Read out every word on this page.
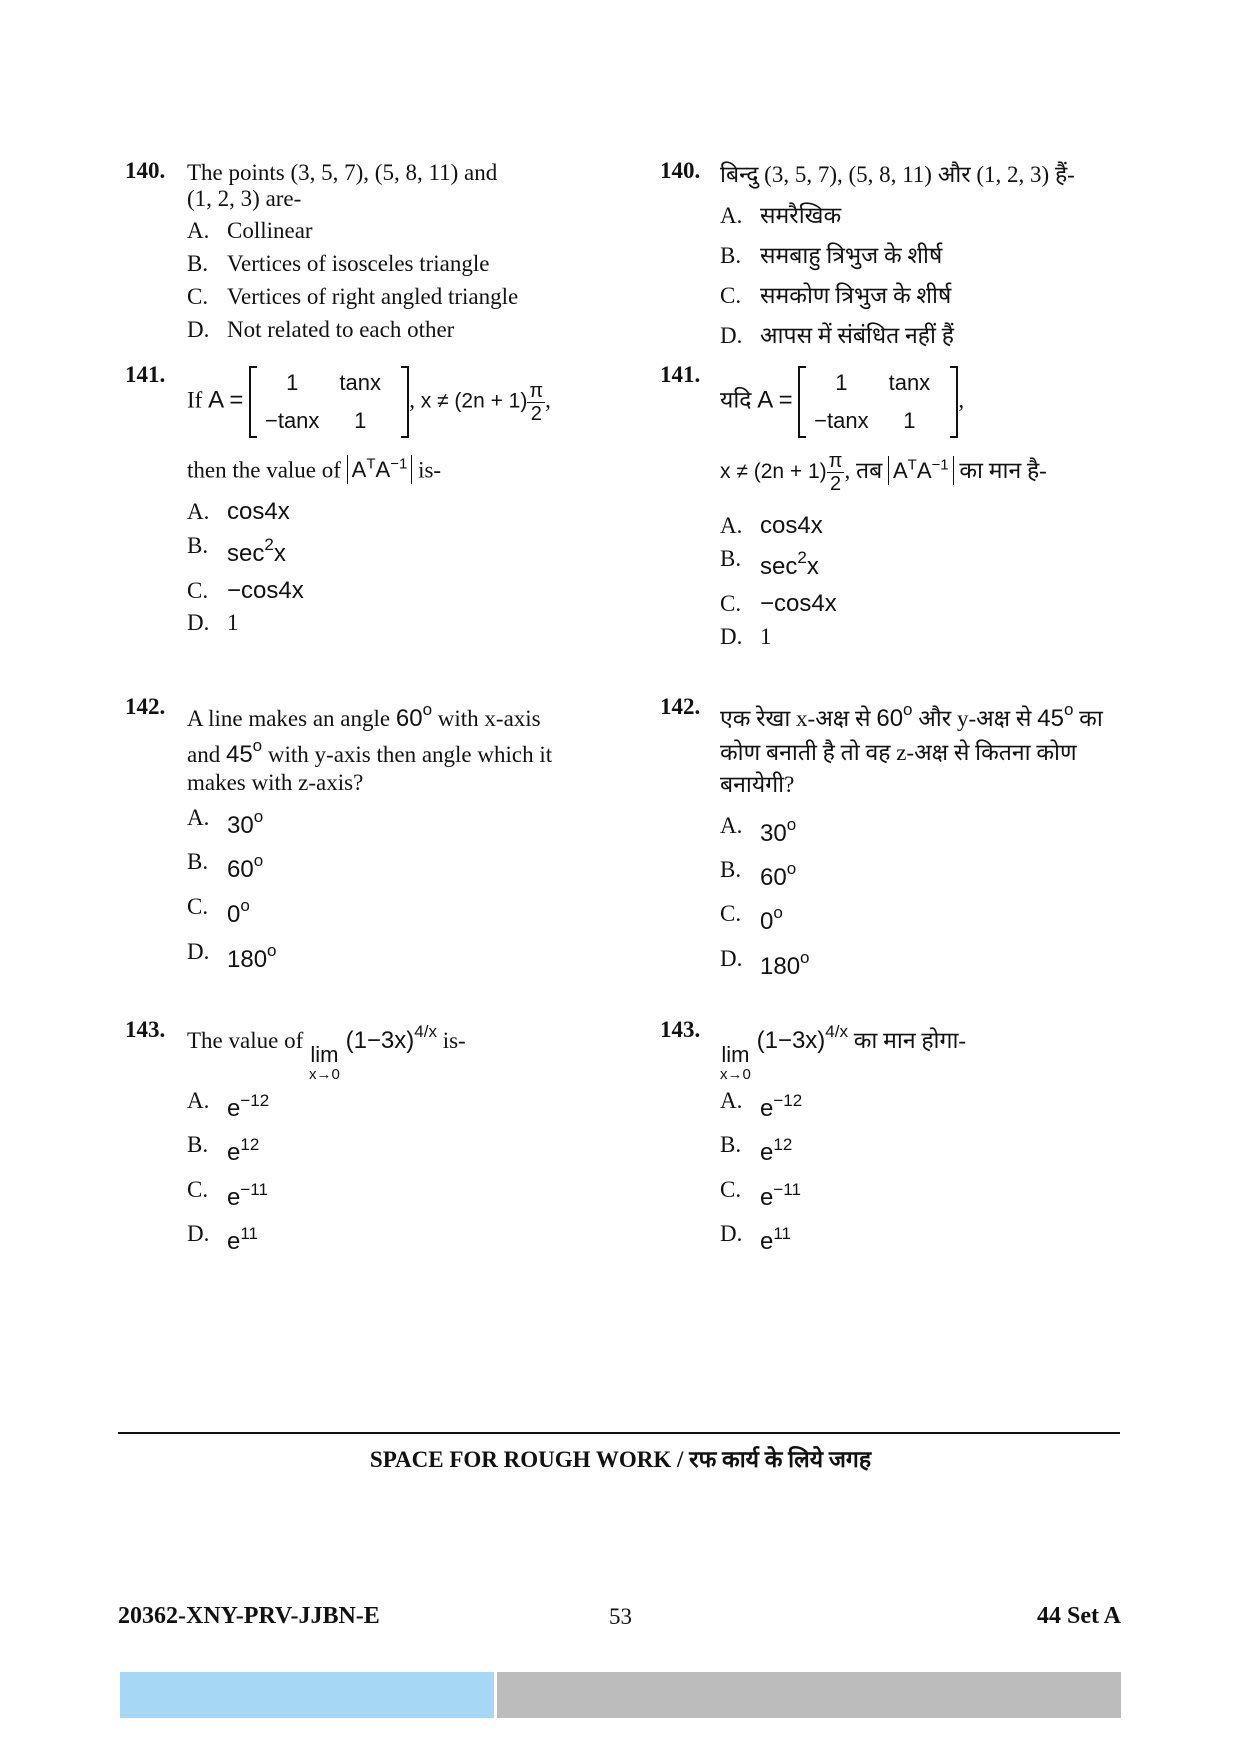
140. The points (3, 5, 7), (5, 8, 11) and
(1, 2, 3) are-
A. Collinear
B. Vertices of isosceles triangle
C. Vertices of right angled triangle
D. Not related to each other
141.
If A =
1	tanx
−tanx	1
, $x \ne (2n + 1) \frac{\pi}{2}$ ,
then the value of $A^TA^{-1}$ is-
A. cos4x
B. $\sec^2x$
C. −cos4x
D. 1
142. A line makes an angle 60$^o$ with x-axis
and 45$^o$ with y-axis then angle which it
makes with z-axis?
A. 30$^o$
B. 60$^o$
C. 0$^o$
D. 180$^o$
143. The value of
lim
x→0
$(1-3x)^{4/x}$ is-
A. e−12
B. e12
C. e−11
D. e11
140. बिन्दु (3, 5, 7), (5, 8, 11) और (1, 2, 3) हैं-
A. समरैखिक
B. समबाहु त्रिभुज के शीर्ष
C. समकोण त्रिभुज के शीर्ष
D. आपस में संबंधित नहीं हैं
141.
यदि A =
1	tanx
−tanx	1
,
$x \ne (2n + 1) \frac{\pi}{2}$ , तब $A^TA^{-1}$ का मान है-
A. cos4x
B. $\sec^2x$
C. −cos4x
D. 1
142. एक रेखा x-अक्ष से 60$^o$ और y-अक्ष से 45$^o$ का
कोण बनाती है तो वह z-अक्ष से कितना कोण
बनायेगी?
A. 30$^o$
B. 60$^o$
C. 0$^o$
D. 180$^o$
143.
lim
x→0
$(1-3x)^{4/x}$ का मान होगा-
A. e−12
B. e12
C. e−11
D. e11
SPACE FOR ROUGH WORK / रफ कार्य के लिये जगह
20362-XNY-PRV-JJBN-E	53	44 Set A
